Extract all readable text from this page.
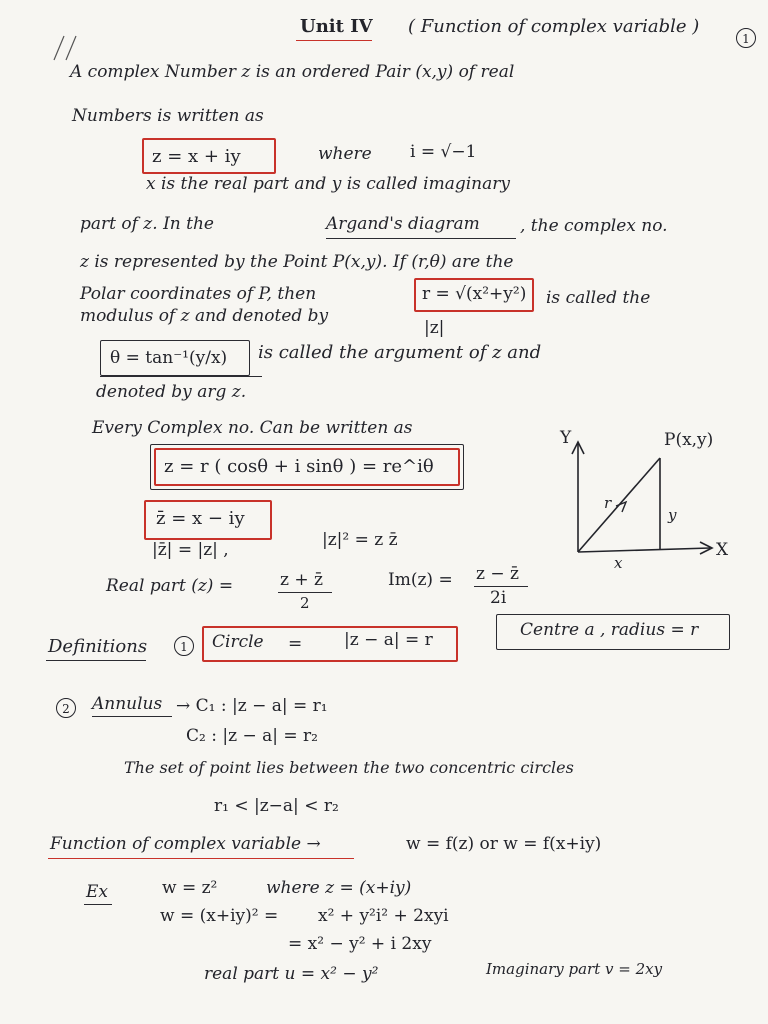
Unit IV ( Function of complex variable )
1
A complex Number z is an ordered Pair (x,y) of real
Numbers is written as
z = x + iy	where i = √−1
x is the real part and y is called imaginary
part of z. In the	Argand's diagram , the complex no.
z is represented by the Point P(x,y). If (r,θ) are the
Polar coordinates of P, then	r = √(x²+y²) is called the
modulus of z and denoted by
|z|
θ = tan⁻¹(y/x) is called the argument of z and
denoted by arg z.
Every Complex no. Can be written as
z = r ( cosθ + i sinθ ) = re^iθ
z̄ = x − iy
|z̄| = |z| ,	|z|² = z z̄
Real part (z) =	z + z̄
2
Im(z) = z − z̄
2i
Y	P(x,y)
r
y
x
X
Definitions	1	Circle = |z − a| = r	Centre a , radius = r
2	Annulus → C₁ : |z − a| = r₁
C₂ : |z − a| = r₂
The set of point lies between the two concentric circles
r₁ < |z−a| < r₂
Function of complex variable →	w = f(z) or w = f(x+iy)
Ex	w = z²	where z = (x+iy)
w = (x+iy)² = x² + y²i² + 2xyi
= x² − y² + i 2xy
real part u = x² − y²	Imaginary part v = 2xy
